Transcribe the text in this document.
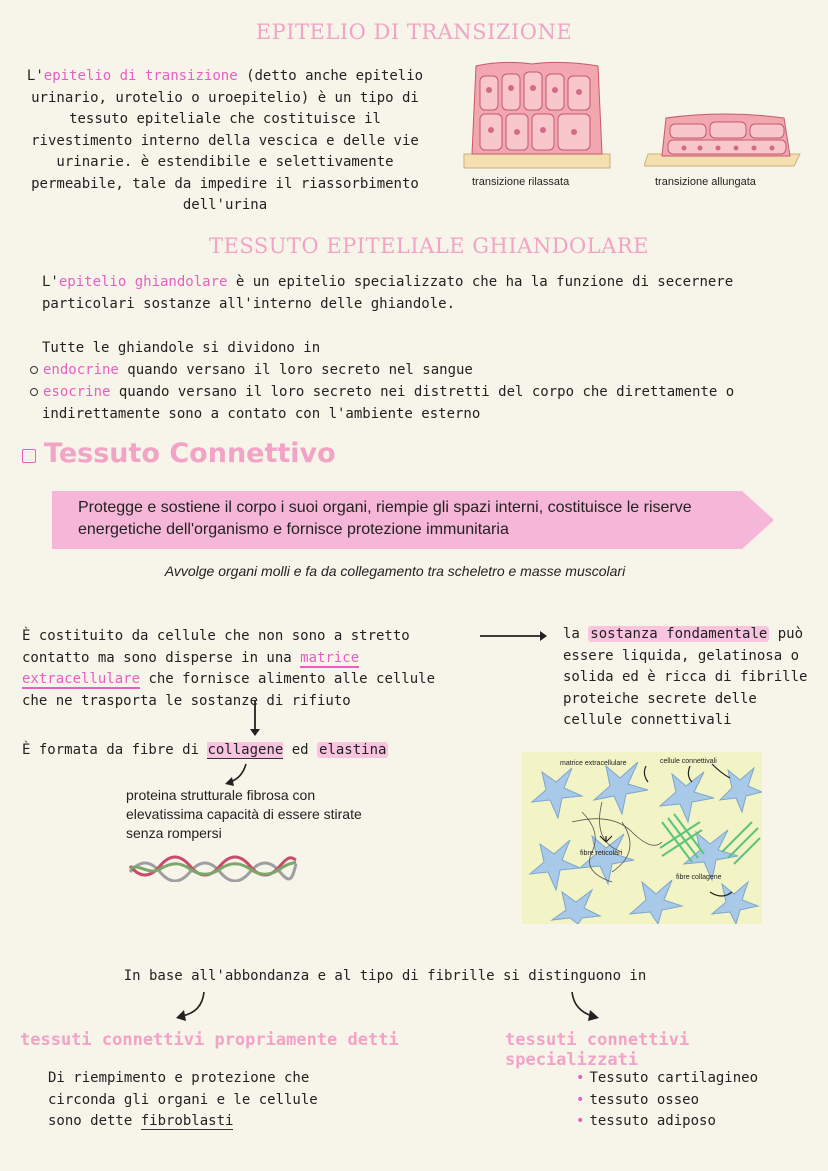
EPITELIO DI TRANSIZIONE
L'epitelio di transizione (detto anche epitelio urinario, urotelio o uroepitelio) è un tipo di tessuto epiteliale che costituisce il rivestimento interno della vescica e delle vie urinarie. è estendibile e selettivamente permeabile, tale da impedire il riassorbimento dell'urina
transizione rilassata	transizione allungata
TESSUTO EPITELIALE GHIANDOLARE
L'epitelio ghiandolare è un epitelio specializzato che ha la funzione di secernere particolari sostanze all'interno delle ghiandole.
Tutte le ghiandole si dividono in
endocrine quando versano il loro secreto nel sangue
esocrine quando versano il loro secreto nei distretti del corpo che direttamente o
indirettamente sono a contato con l'ambiente esterno
Tessuto Connettivo
Protegge e sostiene il corpo i suoi organi, riempie gli spazi interni, costituisce le riserve energetiche dell'organismo e fornisce protezione immunitaria
Avvolge organi molli e fa da collegamento tra scheletro e masse muscolari
È costituito da cellule che non sono a stretto contatto ma sono disperse in una matrice extracellulare che fornisce alimento alle cellule che ne trasporta le sostanze di rifiuto
la sostanza fondamentale può essere liquida, gelatinosa o solida ed è ricca di fibrille proteiche secrete delle cellule connettivali
È formata da fibre di collagene ed elastina
proteina strutturale fibrosa con elevatissima capacità di essere stirate senza rompersi
matrice extracellulare	cellule connettivali
fibre reticolari
fibre collagene
In base all'abbondanza e al tipo di fibrille si distinguono in
tessuti connettivi propriamente detti
Di riempimento e protezione che circonda gli organi e le cellule sono dette fibroblasti
tessuti connettivi specializzati
• Tessuto cartilagineo
• tessuto osseo
• tessuto adiposo
